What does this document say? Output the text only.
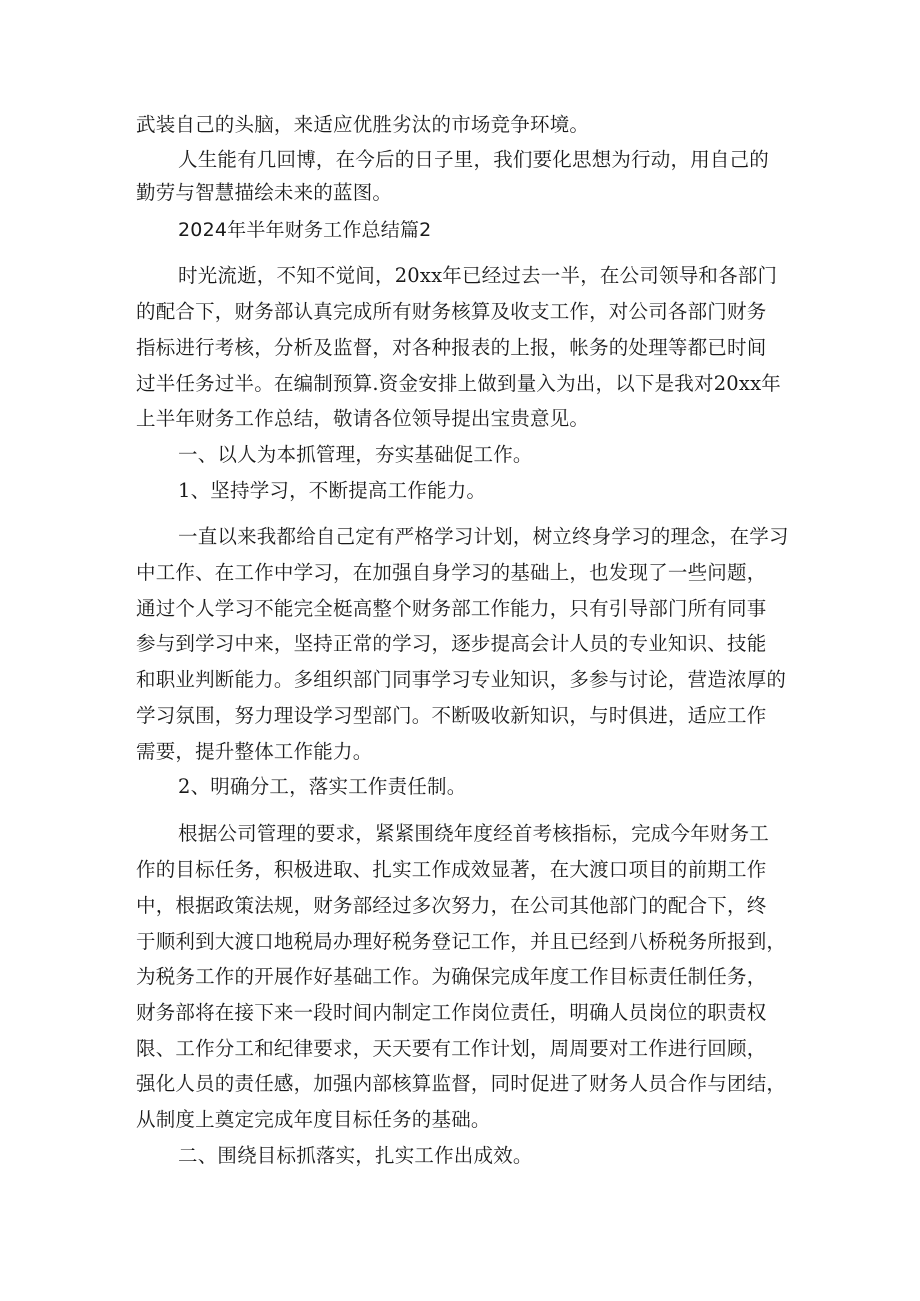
武装自己的头脑，来适应优胜劣汰的市场竞争环境。
人生能有几回博，在今后的日子里，我们要化思想为行动，用自己的
勤劳与智慧描绘未来的蓝图。
2024年半年财务工作总结篇2
时光流逝，不知不觉间，20xx年已经过去一半，在公司领导和各部门
的配合下，财务部认真完成所有财务核算及收支工作，对公司各部门财务
指标进行考核，分析及监督，对各种报表的上报，帐务的处理等都已时间
过半任务过半。在编制预算.资金安排上做到量入为出，以下是我对20xx年
上半年财务工作总结，敬请各位领导提出宝贵意见。
一、以人为本抓管理，夯实基础促工作。
1、坚持学习，不断提高工作能力。
一直以来我都给自己定有严格学习计划，树立终身学习的理念，在学习
中工作、在工作中学习，在加强自身学习的基础上，也发现了一些问题，
通过个人学习不能完全梃高整个财务部工作能力，只有引导部门所有同事
参与到学习中来，坚持正常的学习，逐步提高会计人员的专业知识、技能
和职业判断能力。多组织部门同事学习专业知识，多参与讨论，营造浓厚的
学习氛围，努力理设学习型部门。不断吸收新知识，与时俱进，适应工作
需要，提升整体工作能力。
2、明确分工，落实工作责任制。
根据公司管理的要求，紧紧围绕年度经首考核指标，完成今年财务工
作的目标任务，积极进取、扎实工作成效显著，在大渡口项目的前期工作
中，根据政策法规，财务部经过多次努力，在公司其他部门的配合下，终
于顺利到大渡口地税局办理好税务登记工作，并且已经到八桥税务所报到，
为税务工作的开展作好基础工作。为确保完成年度工作目标责任制任务，
财务部将在接下来一段时间内制定工作岗位责任，明确人员岗位的职责权
限、工作分工和纪律要求，天天要有工作计划，周周要对工作进行回顾，
强化人员的责任感，加强内部核算监督，同时促进了财务人员合作与团结，
从制度上奠定完成年度目标任务的基础。
二、围绕目标抓落实，扎实工作出成效。
